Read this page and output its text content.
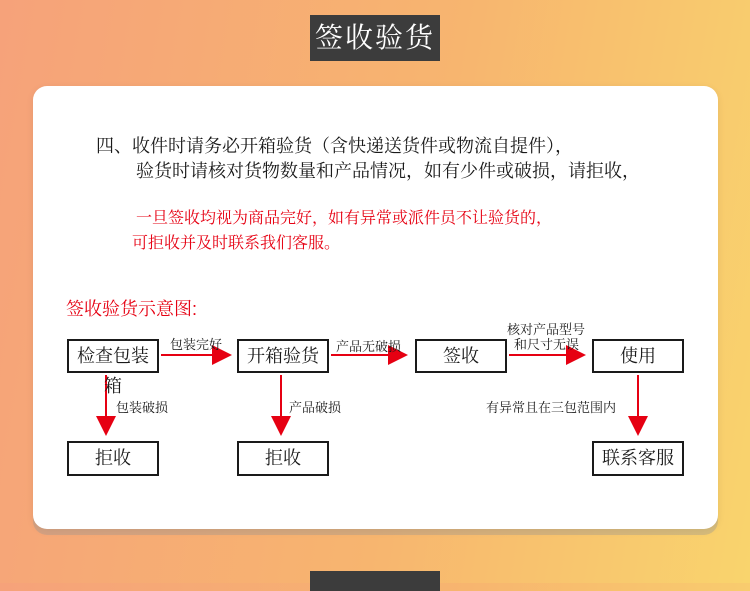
签收验货
四、收件时请务必开箱验货（含快递送货件或物流自提件），
验货时请核对货物数量和产品情况，如有少件或破损，请拒收，
一旦签收均视为商品完好，如有异常或派件员不让验货的，
可拒收并及时联系我们客服。
签收验货示意图:
检查包装箱
开箱验货	签收	使用
拒收	拒收	联系客服
包装完好	产品无破损
核对产品型号
和尺寸无误
包装破损	产品破损	有异常且在三包范围内
